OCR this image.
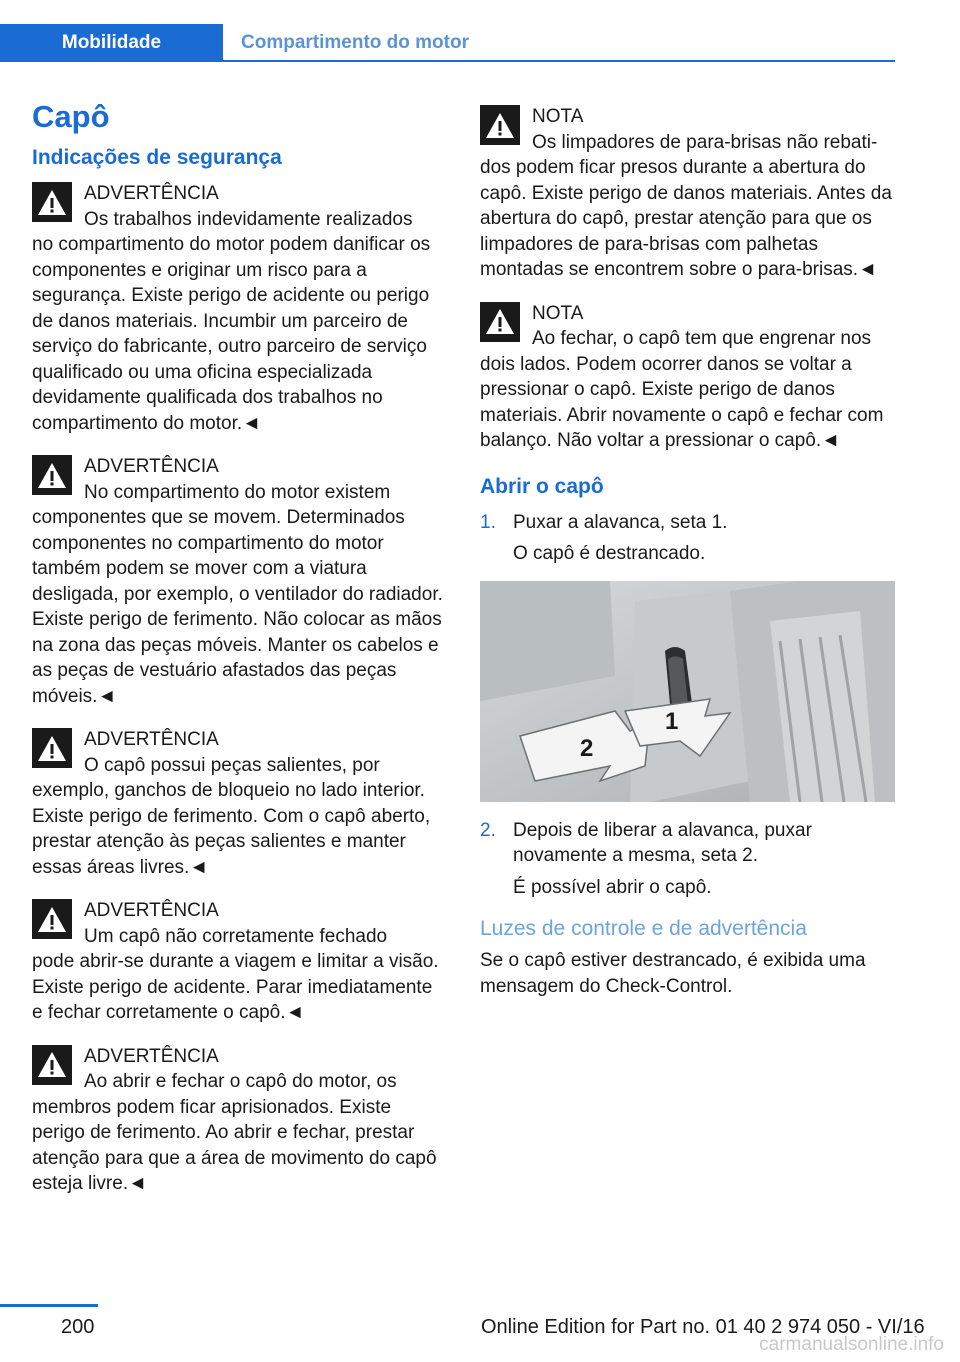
Mobilidade	Compartimento do motor
Capô
Indicações de segurança
ADVERTÊNCIA
Os trabalhos indevidamente realizados
no compartimento do motor podem danificar os componentes e originar um risco para a segurança. Existe perigo de acidente ou perigo de danos materiais. Incumbir um parceiro de serviço do fabricante, outro parceiro de serviço qualificado ou uma oficina especializada devidamente qualificada dos trabalhos no compartimento do motor.◄
ADVERTÊNCIA
No compartimento do motor existem
componentes que se movem. Determinados componentes no compartimento do motor também podem se mover com a viatura desligada, por exemplo, o ventilador do radiador. Existe perigo de ferimento. Não colocar as mãos na zona das peças móveis. Manter os cabelos e as peças de vestuário afastados das peças móveis.◄
ADVERTÊNCIA
O capô possui peças salientes, por
exemplo, ganchos de bloqueio no lado interior. Existe perigo de ferimento. Com o capô aberto, prestar atenção às peças salientes e manter essas áreas livres.◄
ADVERTÊNCIA
Um capô não corretamente fechado
pode abrir-se durante a viagem e limitar a visão. Existe perigo de acidente. Parar imediatamente e fechar corretamente o capô.◄
ADVERTÊNCIA
Ao abrir e fechar o capô do motor, os
membros podem ficar aprisionados. Existe perigo de ferimento. Ao abrir e fechar, prestar atenção para que a área de movimento do capô esteja livre.◄
NOTA
Os limpadores de para-brisas não rebati-
dos podem ficar presos durante a abertura do capô. Existe perigo de danos materiais. Antes da abertura do capô, prestar atenção para que os limpadores de para-brisas com palhetas montadas se encontrem sobre o para-brisas.◄
NOTA
Ao fechar, o capô tem que engrenar nos
dois lados. Podem ocorrer danos se voltar a pressionar o capô. Existe perigo de danos materiais. Abrir novamente o capô e fechar com balanço. Não voltar a pressionar o capô.◄
Abrir o capô
1. Puxar a alavanca, seta 1.
O capô é destrancado.
2
1
2. Depois de liberar a alavanca, puxar novamente a mesma, seta 2.
É possível abrir o capô.
Luzes de controle e de advertência

Se o capô estiver destrancado, é exibida uma mensagem do Check-Control.

200	Online Edition for Part no. 01 40 2 974 050 - VI/16
carmanualsonline.info
